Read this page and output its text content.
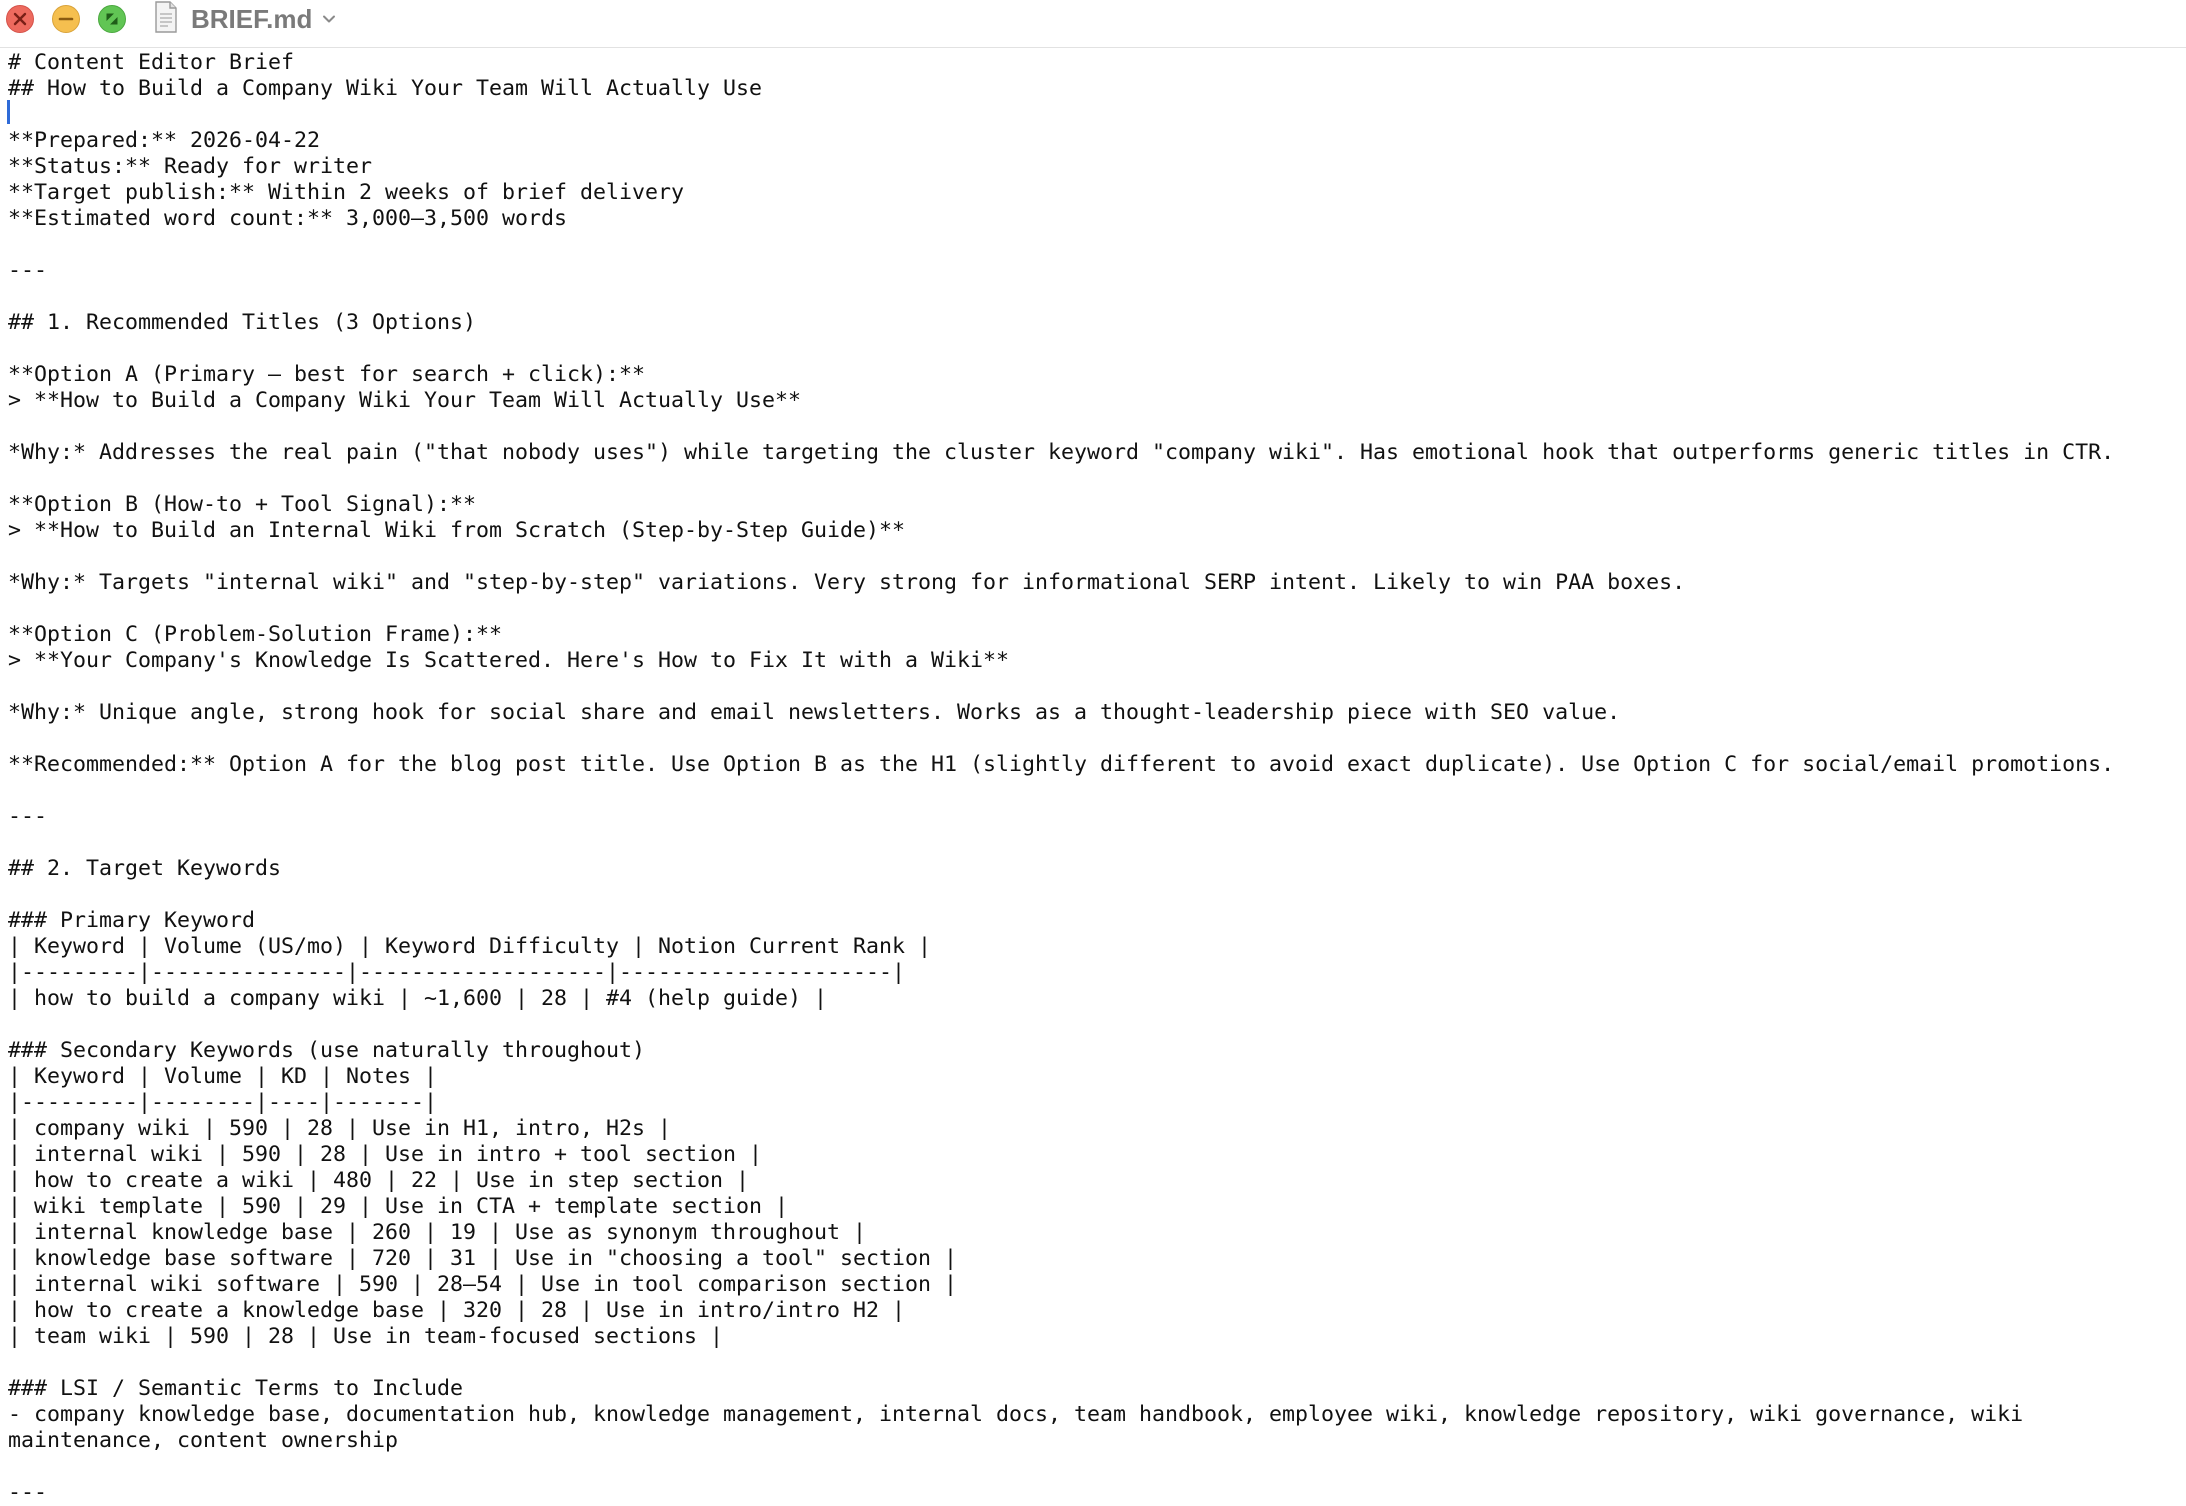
BRIEF.md
# Content Editor Brief
## How to Build a Company Wiki Your Team Will Actually Use
**Prepared:** 2026-04-22
**Status:** Ready for writer
**Target publish:** Within 2 weeks of brief delivery
**Estimated word count:** 3,000–3,500 words
---
## 1. Recommended Titles (3 Options)
**Option A (Primary – best for search + click):**
> **How to Build a Company Wiki Your Team Will Actually Use**
*Why:* Addresses the real pain ("that nobody uses") while targeting the cluster keyword "company wiki". Has emotional hook that outperforms generic titles in CTR.
**Option B (How-to + Tool Signal):**
> **How to Build an Internal Wiki from Scratch (Step-by-Step Guide)**
*Why:* Targets "internal wiki" and "step-by-step" variations. Very strong for informational SERP intent. Likely to win PAA boxes.
**Option C (Problem-Solution Frame):**
> **Your Company's Knowledge Is Scattered. Here's How to Fix It with a Wiki**
*Why:* Unique angle, strong hook for social share and email newsletters. Works as a thought-leadership piece with SEO value.
**Recommended:** Option A for the blog post title. Use Option B as the H1 (slightly different to avoid exact duplicate). Use Option C for social/email promotions.
---
## 2. Target Keywords
### Primary Keyword
| Keyword | Volume (US/mo) | Keyword Difficulty | Notion Current Rank |
|---------|---------------|-------------------|---------------------|
| how to build a company wiki | ~1,600 | 28 | #4 (help guide) |
### Secondary Keywords (use naturally throughout)
| Keyword | Volume | KD | Notes |
|---------|--------|----|-------|
| company wiki | 590 | 28 | Use in H1, intro, H2s |
| internal wiki | 590 | 28 | Use in intro + tool section |
| how to create a wiki | 480 | 22 | Use in step section |
| wiki template | 590 | 29 | Use in CTA + template section |
| internal knowledge base | 260 | 19 | Use as synonym throughout |
| knowledge base software | 720 | 31 | Use in "choosing a tool" section |
| internal wiki software | 590 | 28–54 | Use in tool comparison section |
| how to create a knowledge base | 320 | 28 | Use in intro/intro H2 |
| team wiki | 590 | 28 | Use in team-focused sections |
### LSI / Semantic Terms to Include
- company knowledge base, documentation hub, knowledge management, internal docs, team handbook, employee wiki, knowledge repository, wiki governance, wiki
maintenance, content ownership
---
